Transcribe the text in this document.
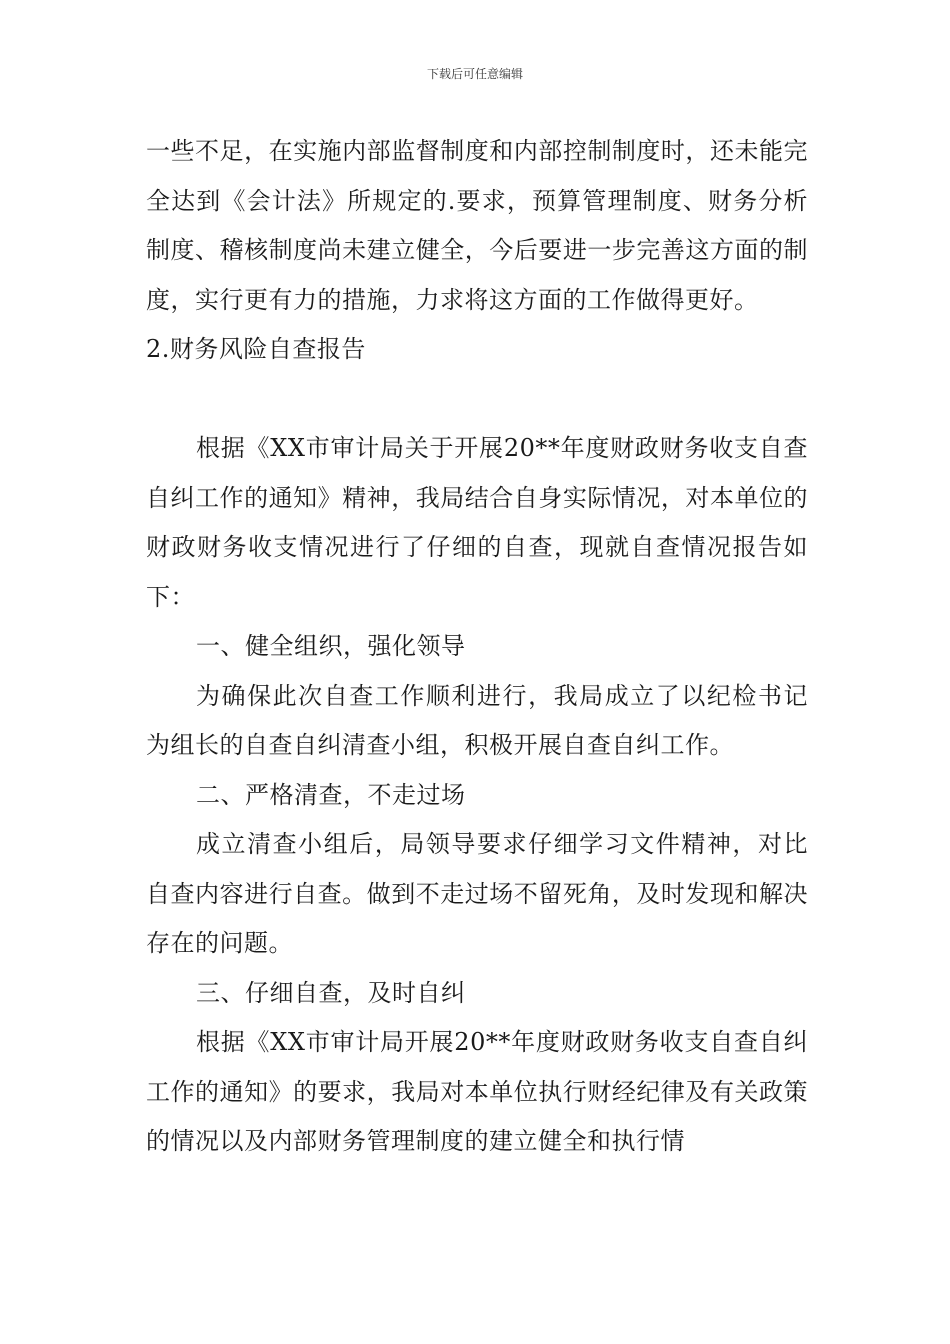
下载后可任意编辑

一些不足，在实施内部监督制度和内部控制制度时，还未能完全达到《会计法》所规定的.要求，预算管理制度、财务分析制度、稽核制度尚未建立健全，今后要进一步完善这方面的制度，实行更有力的措施，力求将这方面的工作做得更好。

2.财务风险自查报告

根据《XX市审计局关于开展20**年度财政财务收支自查自纠工作的通知》精神，我局结合自身实际情况，对本单位的财政财务收支情况进行了仔细的自查，现就自查情况报告如下：

一、健全组织，强化领导

为确保此次自查工作顺利进行，我局成立了以纪检书记为组长的自查自纠清查小组，积极开展自查自纠工作。

二、严格清查，不走过场

成立清查小组后，局领导要求仔细学习文件精神，对比自查内容进行自查。做到不走过场不留死角，及时发现和解决存在的问题。

三、仔细自查，及时自纠

根据《XX市审计局开展20**年度财政财务收支自查自纠工作的通知》的要求，我局对本单位执行财经纪律及有关政策的情况以及内部财务管理制度的建立健全和执行情
